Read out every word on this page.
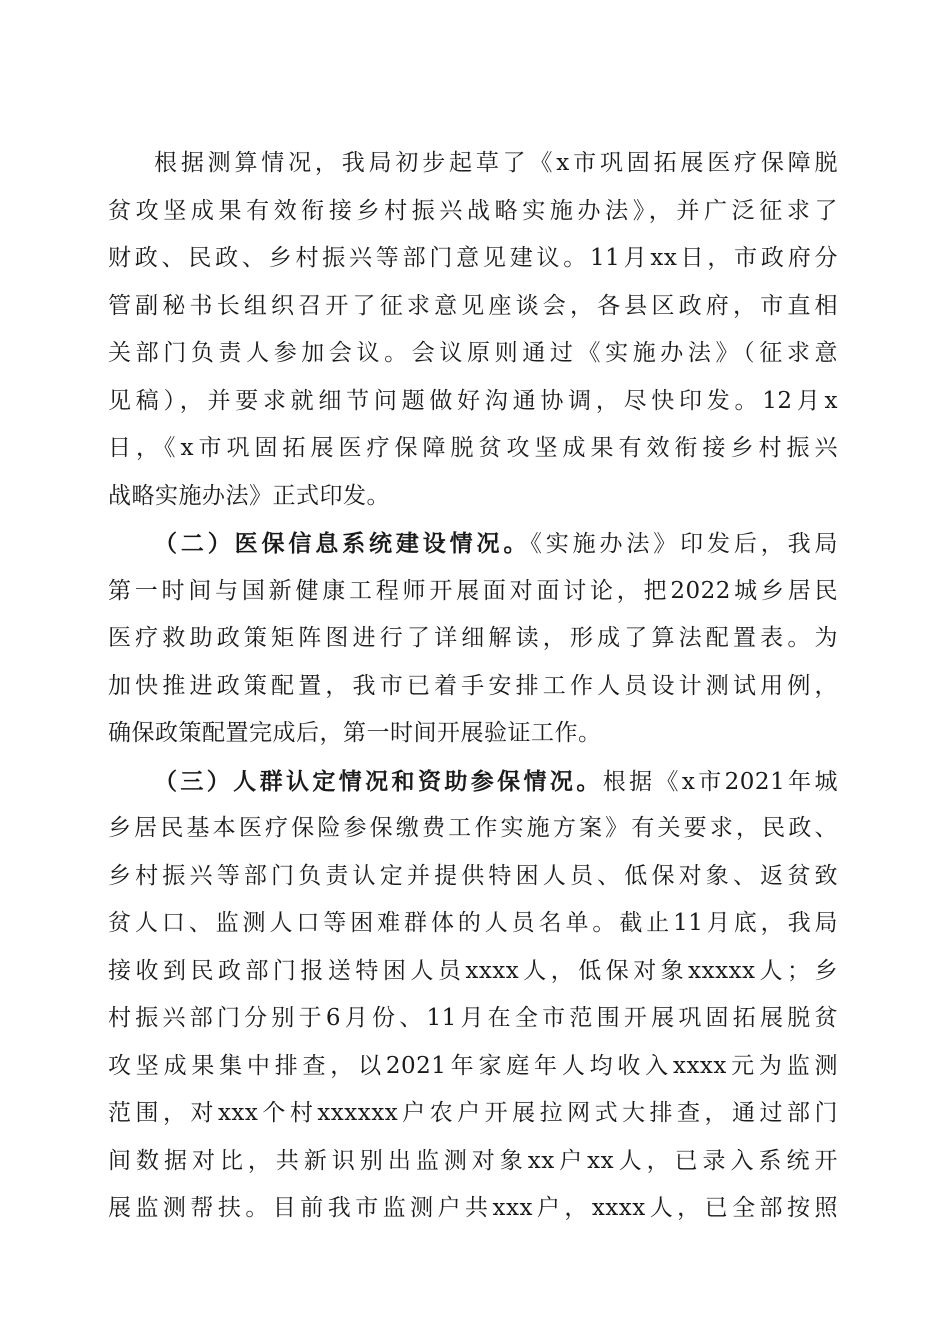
根据测算情况，我局初步起草了《x市巩固拓展医疗保障脱
贫攻坚成果有效衔接乡村振兴战略实施办法》，并广泛征求了
财政、民政、乡村振兴等部门意见建议。11月xx日，市政府分
管副秘书长组织召开了征求意见座谈会，各县区政府，市直相
关部门负责人参加会议。会议原则通过《实施办法》（征求意
见稿），并要求就细节问题做好沟通协调，尽快印发。12月x
日，《x市巩固拓展医疗保障脱贫攻坚成果有效衔接乡村振兴
战略实施办法》正式印发。
（二）医保信息系统建设情况。《实施办法》印发后，我局
第一时间与国新健康工程师开展面对面讨论，把2022城乡居民
医疗救助政策矩阵图进行了详细解读，形成了算法配置表。为
加快推进政策配置，我市已着手安排工作人员设计测试用例，
确保政策配置完成后，第一时间开展验证工作。
（三）人群认定情况和资助参保情况。根据《x市2021年城
乡居民基本医疗保险参保缴费工作实施方案》有关要求，民政、
乡村振兴等部门负责认定并提供特困人员、低保对象、返贫致
贫人口、监测人口等困难群体的人员名单。截止11月底，我局
接收到民政部门报送特困人员xxxx人，低保对象xxxxx人；乡
村振兴部门分别于6月份、11月在全市范围开展巩固拓展脱贫
攻坚成果集中排查，以2021年家庭年人均收入xxxx元为监测
范围，对xxx个村xxxxxx户农户开展拉网式大排查，通过部门
间数据对比，共新识别出监测对象xx户xx人，已录入系统开
展监测帮扶。目前我市监测户共xxx户，xxxx人，已全部按照
